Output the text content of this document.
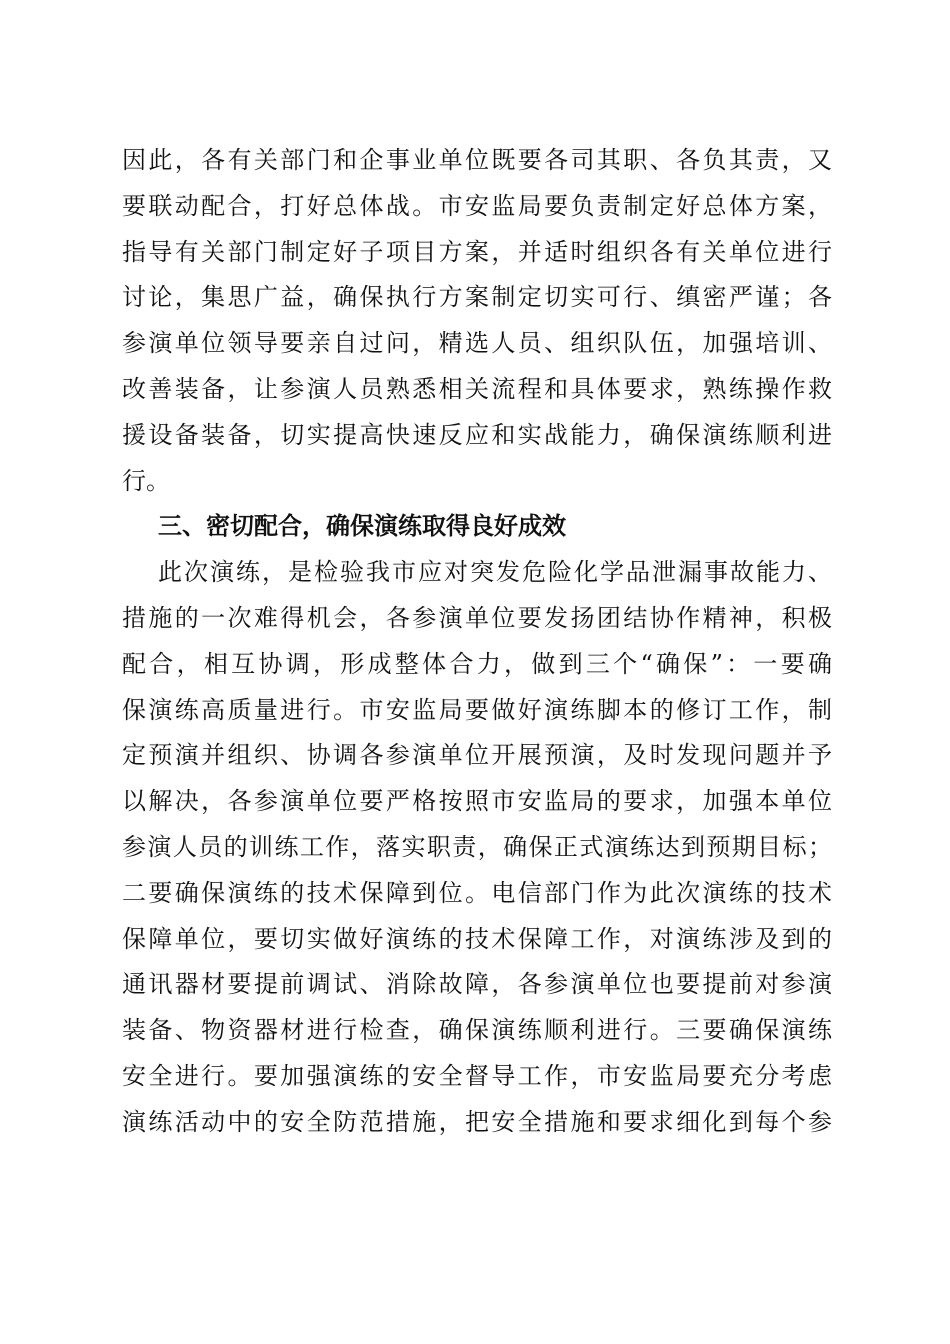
因此，各有关部门和企事业单位既要各司其职、各负其责，又
要联动配合，打好总体战。市安监局要负责制定好总体方案，
指导有关部门制定好子项目方案，并适时组织各有关单位进行
讨论，集思广益，确保执行方案制定切实可行、缜密严谨；各
参演单位领导要亲自过问，精选人员、组织队伍，加强培训、
改善装备，让参演人员熟悉相关流程和具体要求，熟练操作救
援设备装备，切实提高快速反应和实战能力，确保演练顺利进
行。
三、密切配合，确保演练取得良好成效
此次演练，是检验我市应对突发危险化学品泄漏事故能力、
措施的一次难得机会，各参演单位要发扬团结协作精神，积极
配合，相互协调，形成整体合力，做到三个“确保”：一要确
保演练高质量进行。市安监局要做好演练脚本的修订工作，制
定预演并组织、协调各参演单位开展预演，及时发现问题并予
以解决，各参演单位要严格按照市安监局的要求，加强本单位
参演人员的训练工作，落实职责，确保正式演练达到预期目标；
二要确保演练的技术保障到位。电信部门作为此次演练的技术
保障单位，要切实做好演练的技术保障工作，对演练涉及到的
通讯器材要提前调试、消除故障，各参演单位也要提前对参演
装备、物资器材进行检查，确保演练顺利进行。三要确保演练
安全进行。要加强演练的安全督导工作，市安监局要充分考虑
演练活动中的安全防范措施，把安全措施和要求细化到每个参
